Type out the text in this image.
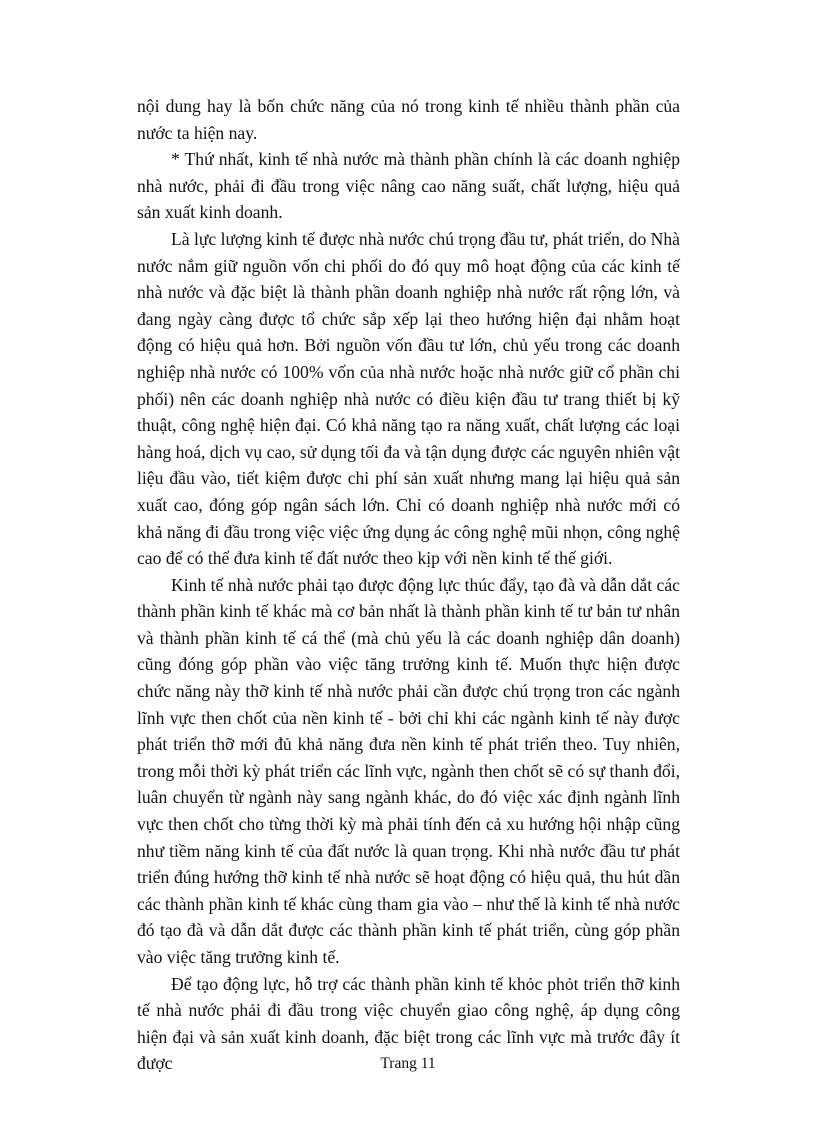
nội dung hay là bốn chức năng của nó trong kinh tế nhiều thành phần của nước ta hiện nay.

* Thứ nhất, kinh tế nhà nước mà thành phần chính là các doanh nghiệp nhà nước, phải đi đầu trong việc nâng cao năng suất, chất lượng, hiệu quả sản xuất kinh doanh.

Là lực lượng kinh tế được nhà nước chú trọng đầu tư, phát triển, do Nhà nước nắm giữ nguồn vốn chi phối do đó quy mô hoạt động của các kinh tế nhà nước và đặc biệt là thành phần doanh nghiệp nhà nước rất rộng lớn, và đang ngày càng được tổ chức sắp xếp lại theo hướng hiện đại nhằm hoạt động có hiệu quả hơn. Bởi nguồn vốn đầu tư lớn, chủ yếu trong các doanh nghiệp nhà nước có 100% vốn của nhà nước hoặc nhà nước giữ cổ phần chi phối) nên các doanh nghiệp nhà nước có điều kiện đầu tư trang thiết bị kỹ thuật, công nghệ hiện đại. Có khả năng tạo ra năng xuất, chất lượng các loại hàng hoá, dịch vụ cao, sử dụng tối đa và tận dụng được các nguyên nhiên vật liệu đầu vào, tiết kiệm được chi phí sản xuất nhưng mang lại hiệu quả sản xuất cao, đóng góp ngân sách lớn. Chỉ có doanh nghiệp nhà nước mới có khả năng đi đầu trong việc việc ứng dụng ác công nghệ mũi nhọn, công nghệ cao để có thể đưa kinh tế đất nước theo kịp với nền kinh tế thế giới.

Kinh tế nhà nước phải tạo được động lực thúc đẩy, tạo đà và dẫn dắt các thành phần kinh tế khác mà cơ bản nhất là thành phần kinh tế tư bản tư nhân và thành phần kinh tế cá thể (mà chủ yếu là các doanh nghiệp dân doanh) cũng đóng góp phần vào việc tăng trưởng kinh tế. Muốn thực hiện được chức năng này thỡ kinh tế nhà nước phải cần được chú trọng tron các ngành lĩnh vực then chốt của nền kinh tế - bởi chỉ khi các ngành kinh tế này được phát triển thỡ mới đủ khả năng đưa nền kinh tế phát triển theo. Tuy nhiên, trong mỗi thời kỳ phát triển các lĩnh vực, ngành then chốt sẽ có sự thanh đổi, luân chuyển từ ngành này sang ngành khác, do đó việc xác định ngành lĩnh vực then chốt cho từng thời kỳ mà phải tính đến cả xu hướng hội nhập cũng như tiềm năng kinh tế của đất nước là quan trọng. Khi nhà nước đầu tư phát triển đúng hướng thỡ kinh tế nhà nước sẽ hoạt động có hiệu quả, thu hút dần các thành phần kinh tế khác cùng tham gia vào – như thế là kinh tế nhà nước đó tạo đà và dẫn dắt được các thành phần kinh tế phát triển, cùng góp phần vào việc tăng trưởng kinh tế.

Để tạo động lực, hỗ trợ các thành phần kinh tế khỏc phỏt triển thỡ kinh tế nhà nước phải đi đầu trong việc chuyển giao công nghệ, áp dụng công hiện đại và sản xuất kinh doanh, đặc biệt trong các lĩnh vực mà trước đây ít được	Trang 11
